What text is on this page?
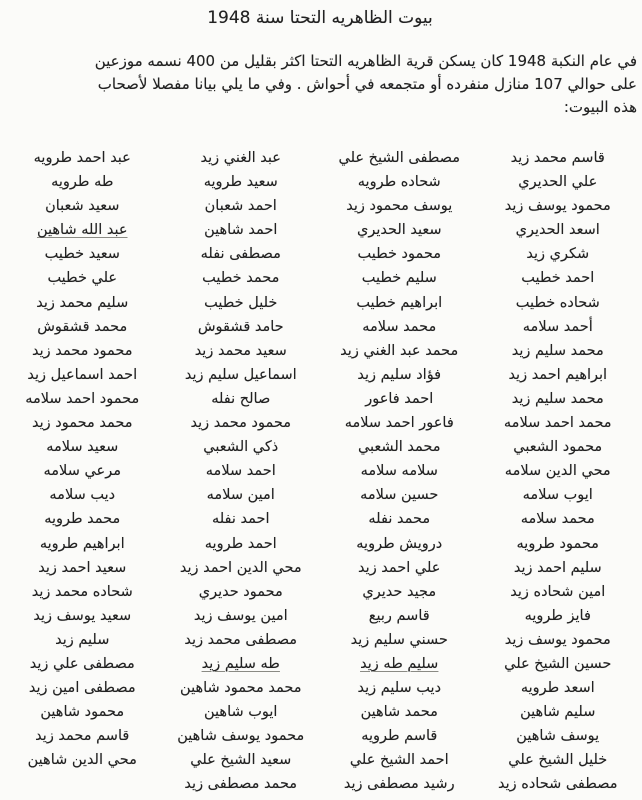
بيوت الظاهريه التحتا سنة 1948
في عام النكبة 1948 كان يسكن قرية الظاهريه التحتا اكثر بقليل من 400 نسمه موزعين
على حوالي 107 منازل منفرده أو متجمعه في أحواش . وفي ما يلي بيانا مفصلا لأصحاب
هذه البيوت:
قاسم محمد زيد
مصطفى الشيخ علي
عبد الغني زيد
عبد احمد طرويه
علي الحديري
شحاده طرويه
سعيد طرويه
طه طرويه
محمود يوسف زيد
يوسف محمود زيد
احمد شعبان
سعيد شعبان
اسعد الحديري
سعيد الحديري
احمد شاهين
عبد الله شاهين
شكري زيد
محمود خطيب
مصطفى نفله
سعيد خطيب
احمد خطيب
سليم خطيب
محمد خطيب
علي خطيب
شحاده خطيب
ابراهيم خطيب
خليل خطيب
سليم محمد زيد
أحمد سلامه
محمد سلامه
حامد قشقوش
محمد قشقوش
محمد سليم زيد
محمد عبد الغني زيد
سعيد محمد زيد
محمود محمد زيد
ابراهيم احمد زيد
فؤاد سليم زيد
اسماعيل سليم زيد
احمد اسماعيل زيد
محمد سليم زيد
احمد فاعور
صالح نفله
محمود احمد سلامه
محمد احمد سلامه
فاعور احمد سلامه
محمود محمد زيد
محمد محمود زيد
محمود الشعبي
محمد الشعبي
ذكي الشعبي
سعيد سلامه
محي الدين سلامه
سلامه سلامه
احمد سلامه
مرعي سلامه
ايوب سلامه
حسين سلامه
امين سلامه
ديب سلامه
محمد سلامه
محمد نفله
احمد نفله
محمد طرويه
محمود طرويه
درويش طرويه
احمد طرويه
ابراهيم طرويه
سليم احمد زيد
علي احمد زيد
محي الدين احمد زيد
سعيد احمد زيد
امين شحاده زيد
مجيد حديري
محمود حديري
شحاده محمد زيد
فايز طرويه
قاسم ربيع
امين يوسف زيد
سعيد يوسف زيد
محمود يوسف زيد
حسني سليم زيد
مصطفى محمد زيد
سليم زيد
حسين الشيخ علي
سليم طه زيد
طه سليم زيد
مصطفى علي زيد
اسعد طرويه
ديب سليم زيد
محمد محمود شاهين
مصطفى امين زيد
سليم شاهين
محمد شاهين
ايوب شاهين
محمود شاهين
يوسف شاهين
قاسم طرويه
محمود يوسف شاهين
قاسم محمد زيد
خليل الشيخ علي
احمد الشيخ علي
سعيد الشيخ علي
محي الدين شاهين
مصطفى شحاده زيد
رشيد مصطفى زيد
محمد مصطفى زيد
